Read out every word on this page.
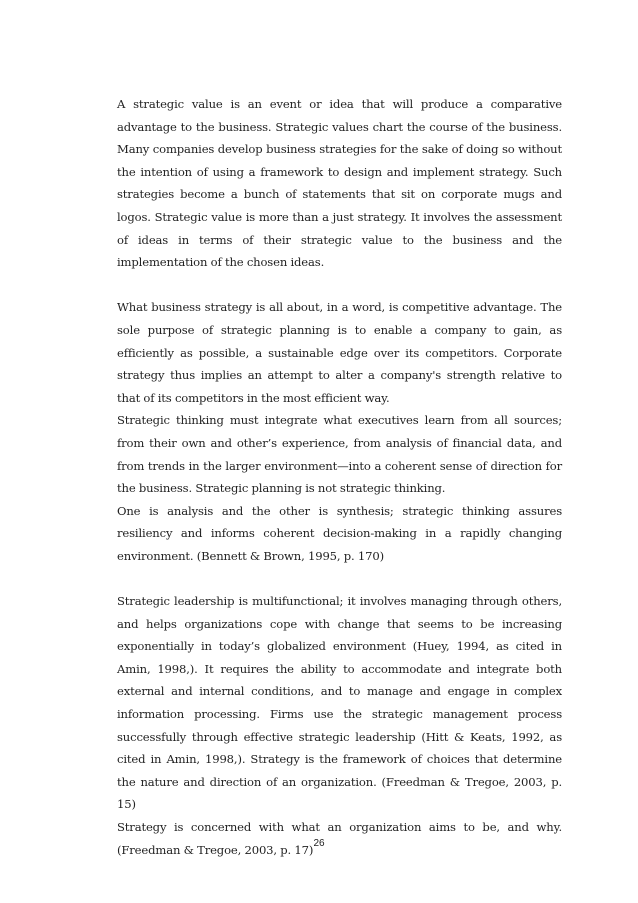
A strategic value is an event or idea that will produce a comparative advantage to the business. Strategic values chart the course of the business. Many companies develop business strategies for the sake of doing so without the intention of using a framework to design and implement strategy. Such strategies become a bunch of statements that sit on corporate mugs and logos. Strategic value is more than a just strategy. It involves the assessment of ideas in terms of their strategic value to the business and the implementation of the chosen ideas.

What business strategy is all about, in a word, is competitive advantage. The sole purpose of strategic planning is to enable a company to gain, as efficiently as possible, a sustainable edge over its competitors. Corporate strategy thus implies an attempt to alter a company's strength relative to that of its competitors in the most efficient way.

Strategic thinking must integrate what executives learn from all sources; from their own and other’s experience, from analysis of financial data, and from trends in the larger environment—into a coherent sense of direction for the business. Strategic planning is not strategic thinking.

One is analysis and the other is synthesis; strategic thinking assures resiliency and informs coherent decision-making in a rapidly changing environment. (Bennett & Brown, 1995, p. 170)

Strategic leadership is multifunctional; it involves managing through others, and helps organizations cope with change that seems to be increasing exponentially in today’s globalized environment (Huey, 1994, as cited in Amin, 1998,). It requires the ability to accommodate and integrate both external and internal conditions, and to manage and engage in complex information processing. Firms use the strategic management process successfully through effective strategic leadership (Hitt & Keats, 1992, as cited in Amin, 1998,). Strategy is the framework of choices that determine the nature and direction of an organization. (Freedman & Tregoe, 2003, p. 15)

Strategy is concerned with what an organization aims to be, and why. (Freedman & Tregoe, 2003, p. 17) 26
